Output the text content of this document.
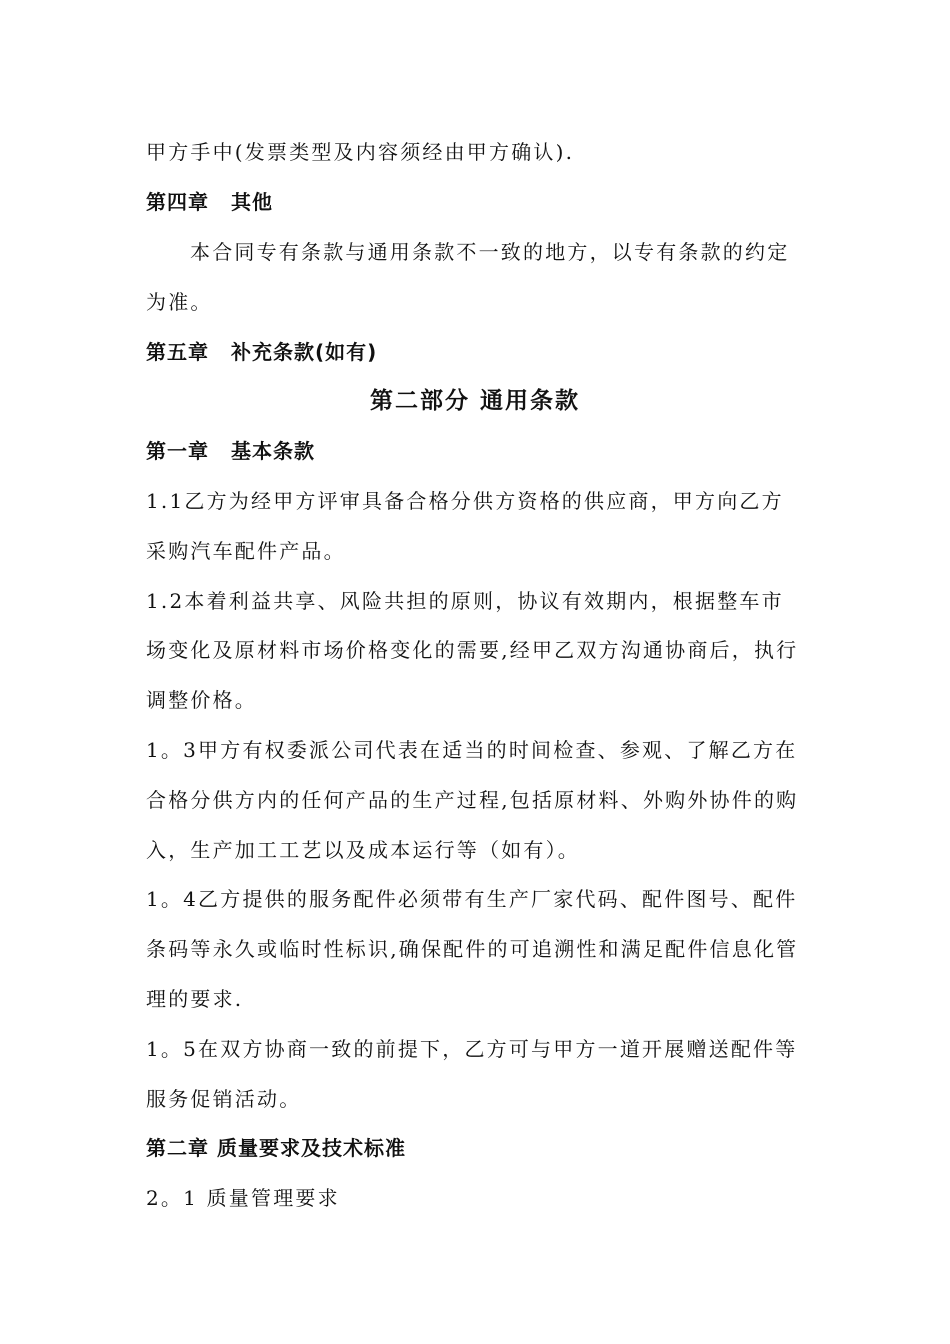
甲方手中(发票类型及内容须经由甲方确认).
第四章 其他
本合同专有条款与通用条款不一致的地方，以专有条款的约定
为准。
第五章 补充条款(如有)
第二部分 通用条款
第一章 基本条款
1.1乙方为经甲方评审具备合格分供方资格的供应商，甲方向乙方
采购汽车配件产品。
1.2本着利益共享、风险共担的原则，协议有效期内，根据整车市
场变化及原材料市场价格变化的需要,经甲乙双方沟通协商后，执行
调整价格。
1。3甲方有权委派公司代表在适当的时间检查、参观、了解乙方在
合格分供方内的任何产品的生产过程,包括原材料、外购外协件的购
入，生产加工工艺以及成本运行等（如有）。
1。4乙方提供的服务配件必须带有生产厂家代码、配件图号、配件
条码等永久或临时性标识,确保配件的可追溯性和满足配件信息化管
理的要求.
1。5在双方协商一致的前提下，乙方可与甲方一道开展赠送配件等
服务促销活动。
第二章 质量要求及技术标准
2。1 质量管理要求
